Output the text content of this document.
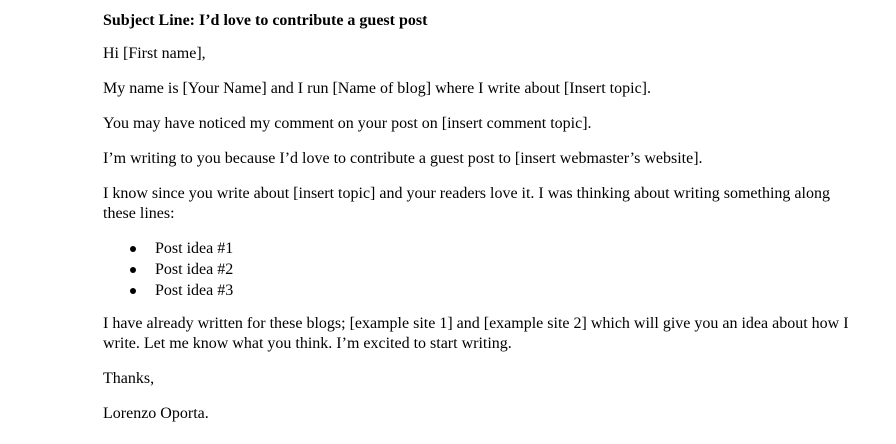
Subject Line: I’d love to contribute a guest post

Hi [First name],

My name is [Your Name] and I run [Name of blog] where I write about [Insert topic].

You may have noticed my comment on your post on [insert comment topic].

I’m writing to you because I’d love to contribute a guest post to [insert webmaster’s website].

I know since you write about [insert topic] and your readers love it. I was thinking about writing something along these lines:

Post idea #1
Post idea #2
Post idea #3

I have already written for these blogs; [example site 1] and [example site 2] which will give you an idea about how I write. Let me know what you think. I’m excited to start writing.

Thanks,

Lorenzo Oporta.
